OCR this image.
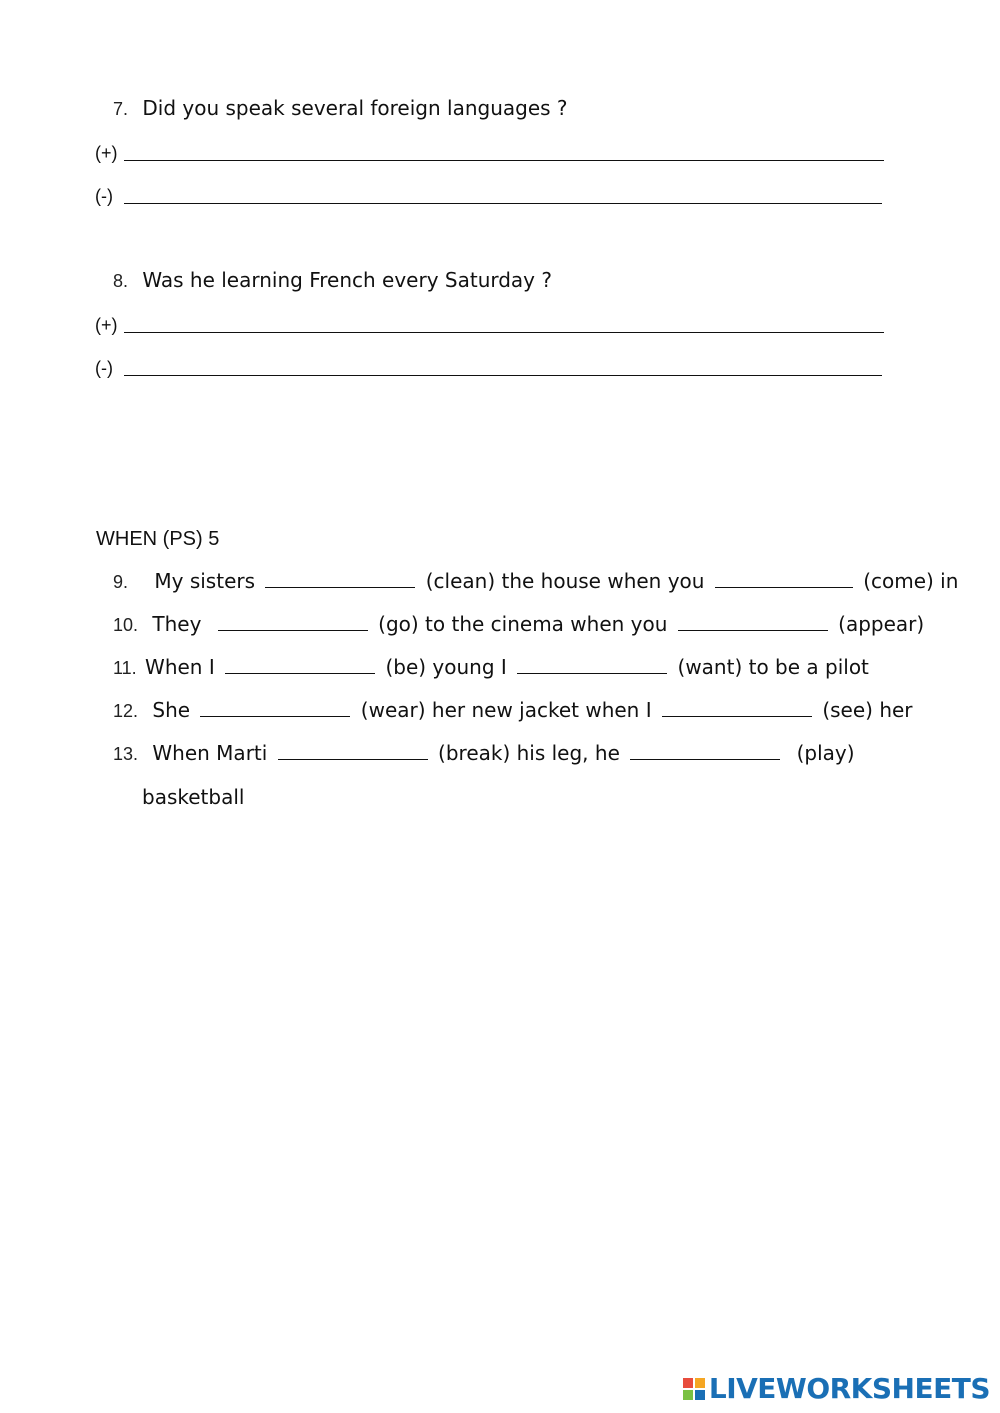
7. Did you speak several foreign languages ?
(+)
(-)
8. Was he learning French every Saturday ?
(+)
(-)
WHEN (PS) 5
9. My sisters	(clean) the house when you	(come) in
10. They	(go) to the cinema when you	(appear)
11. When I	(be) young I	(want) to be a pilot
12. She	(wear) her new jacket when I	(see) her
13. When Marti	(break) his leg, he	(play)
basketball
LIVEWORKSHEETS
